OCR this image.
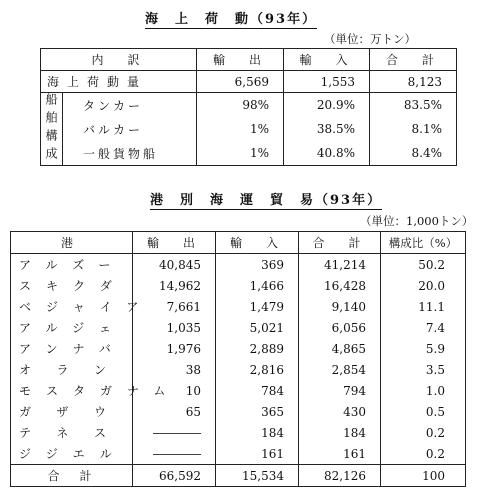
海　上　荷　動（93年）
（単位：万トン）
内　訳		輸　出	輸　入	合　計
海上荷動量		6,569	1,553	8,123
船舶構成	タンカー	98%	20.9%	83.5%
	バルカー	1%	38.5%	8.1%
	一般貨物船	1%	40.8%	8.4%
港　別　海　運　貿　易（93年）
（単位：1,000トン）
港	輸　出	輸　入	合　計	構成比（%）
アルズー	40,845	369	41,214	50.2
スキクダ	14,962	1,466	16,428	20.0
ベジャイア	7,661	1,479	9,140	11.1
アルジェ	1,035	5,021	6,056	7.4
アンナバ	1,976	2,889	4,865	5.9
オラン	38	2,816	2,854	3.5
モスタガナム	10	784	794	1.0
ガザウ	65	365	430	0.5
テネス	――――	184	184	0.2
ジジエル	――――	161	161	0.2
合　計	66,592	15,534	82,126	100
